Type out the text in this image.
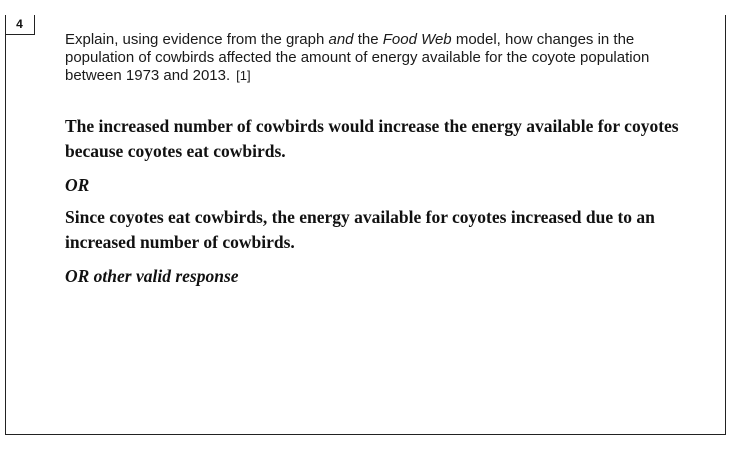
4
Explain, using evidence from the graph and the Food Web model, how changes in the population of cowbirds affected the amount of energy available for the coyote population between 1973 and 2013. [1]
The increased number of cowbirds would increase the energy available for coyotes because coyotes eat cowbirds.
OR
Since coyotes eat cowbirds, the energy available for coyotes increased due to an increased number of cowbirds.
OR other valid response
